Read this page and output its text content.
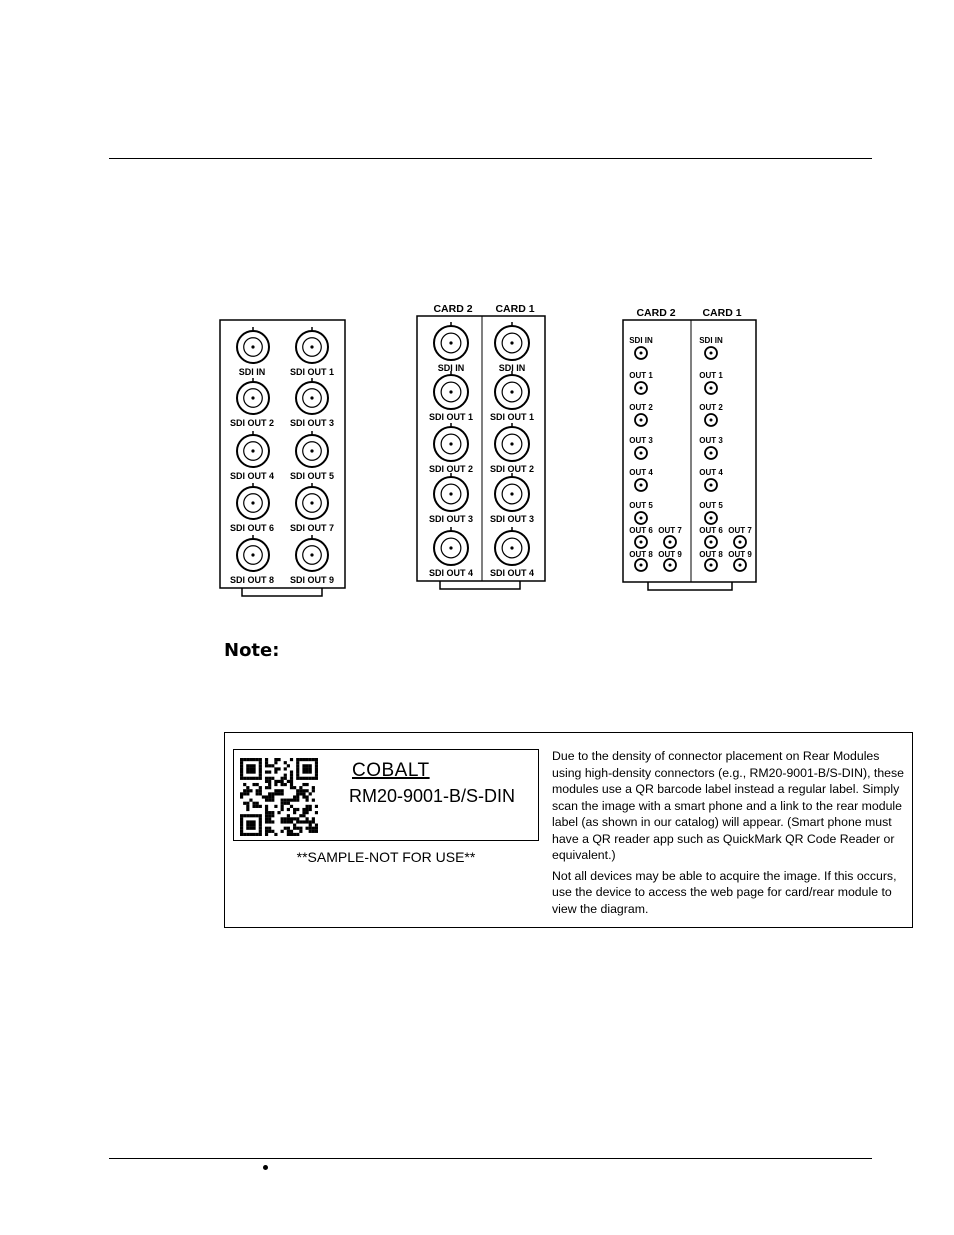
SDI IN	SDI OUT 1
SDI OUT 2 SDI OUT 3
SDI OUT 4 SDI OUT 5
SDI OUT 6 SDI OUT 7
SDI OUT 8 SDI OUT 9
CARD 2 CARD 1
SDI IN	SDI IN
SDI OUT 1 SDI OUT 1
SDI OUT 2 SDI OUT 2
SDI OUT 3 SDI OUT 3
SDI OUT 4 SDI OUT 4
CARD 2	CARD 1
SDI IN
OUT 1
OUT 2
OUT 3
OUT 4
OUT 5
OUT 6 OUT 7
OUT 8 OUT 9
SDI IN
OUT 1
OUT 2
OUT 3
OUT 4
OUT 5
OUT 6 OUT 7
OUT 8 OUT 9
Note:
COBALT
RM20-9001-B/S-DIN
**SAMPLE-NOT FOR USE**

Due to the density of connector placement on Rear Modules using high-density connectors (e.g., RM20-9001-B/S-DIN), these modules use a QR barcode label instead a regular label. Simply scan the image with a smart phone and a link to the rear module label (as shown in our catalog) will appear. (Smart phone must have a QR reader app such as QuickMark QR Code Reader or equivalent.)

Not all devices may be able to acquire the image. If this occurs, use the device to access the web page for card/rear module to view the diagram.
